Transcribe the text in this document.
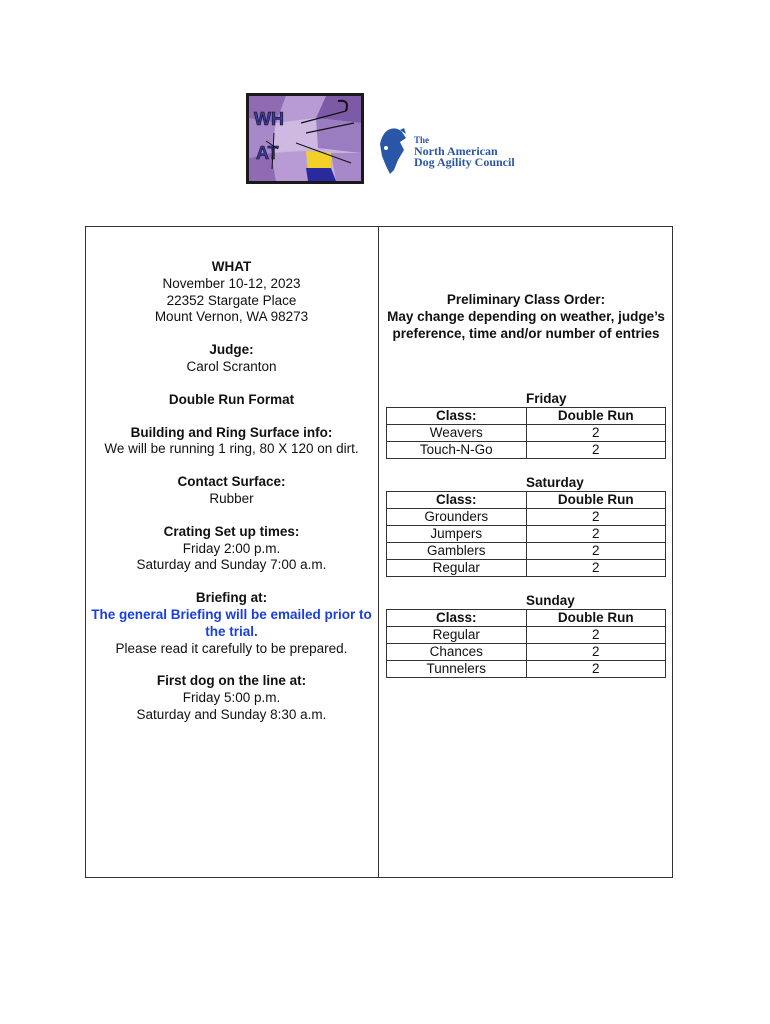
WH
AT
The
North American
Dog Agility Council

WHAT

November 10-12, 2023

22352 Stargate Place

Mount Vernon, WA 98273

Judge:

Carol Scranton

Double Run Format

Building and Ring Surface info:

We will be running 1 ring, 80 X 120 on dirt.

Contact Surface:

Rubber

Crating Set up times:

Friday 2:00 p.m.

Saturday and Sunday 7:00 a.m.

Briefing at:

The general Briefing will be emailed prior to the trial.

Please read it carefully to be prepared.

First dog on the line at:

Friday 5:00 p.m.

Saturday and Sunday 8:30 a.m.

Preliminary Class Order:

May change depending on weather, judge’s preference, time and/or number of entries

Friday
Class:	Double Run
Weavers	2
Touch-N-Go	2
Saturday
Class:	Double Run
Grounders	2
Jumpers	2
Gamblers	2
Regular	2
Sunday
Class:	Double Run
Regular	2
Chances	2
Tunnelers	2
